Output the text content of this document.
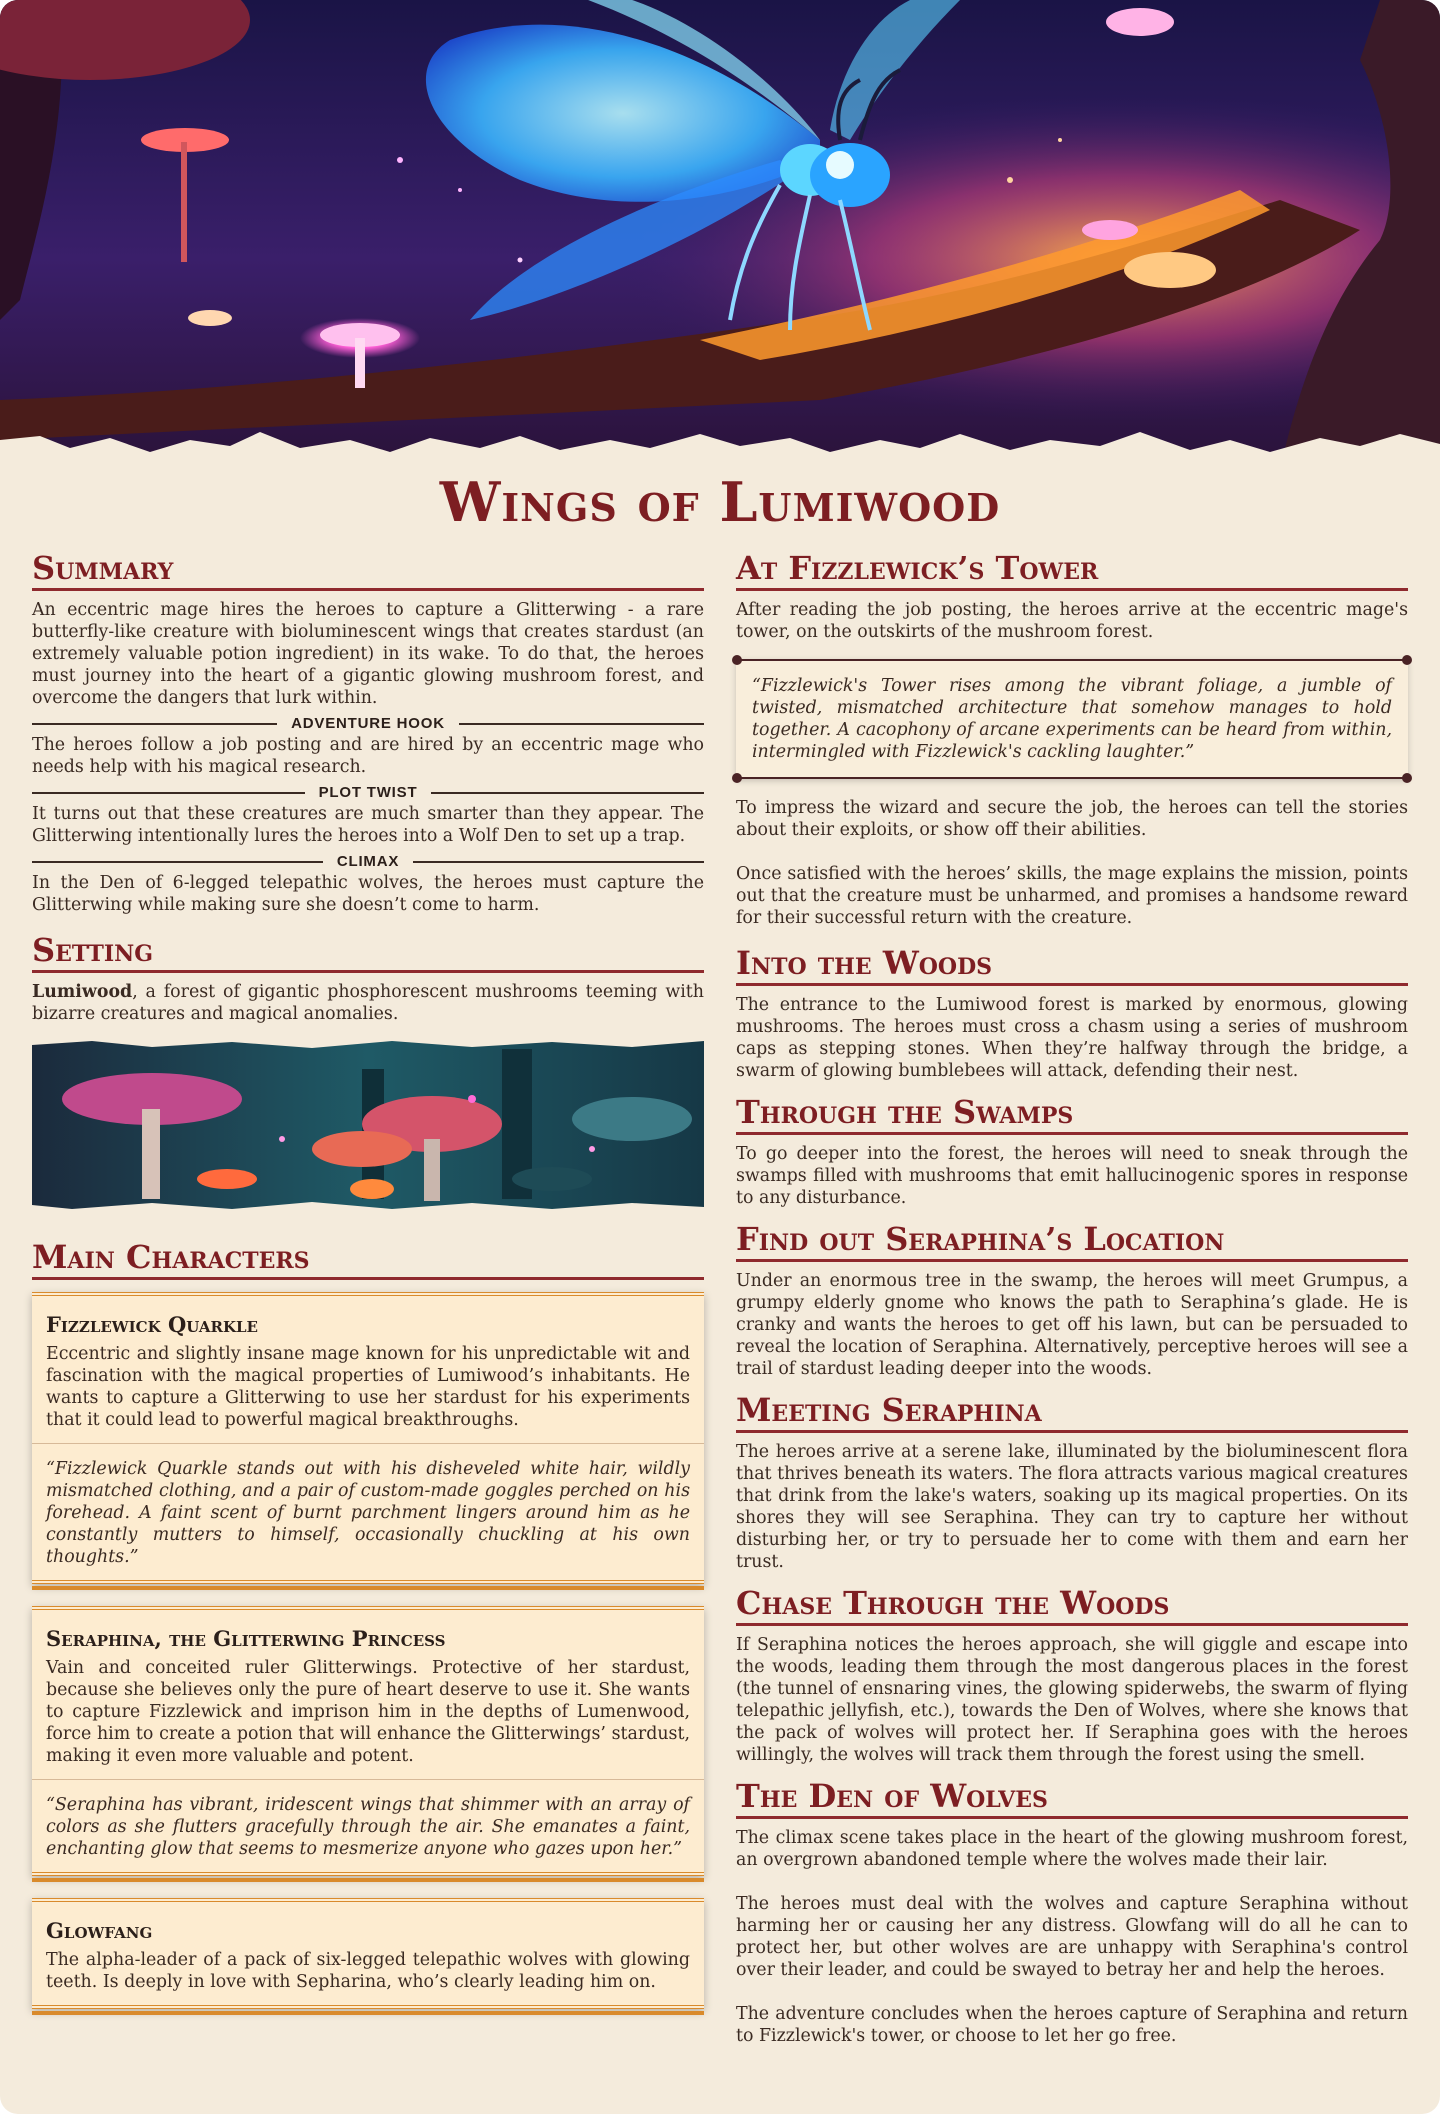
Wings of Lumiwood
Summary

An eccentric mage hires the heroes to capture a Glitterwing - a rare butterfly-like creature with bioluminescent wings that creates stardust (an extremely valuable potion ingredient) in its wake. To do that, the heroes must journey into the heart of a gigantic glowing mushroom forest, and overcome the dangers that lurk within.

ADVENTURE HOOK

The heroes follow a job posting and are hired by an eccentric mage who needs help with his magical research.

PLOT TWIST

It turns out that these creatures are much smarter than they appear. The Glitterwing intentionally lures the heroes into a Wolf Den to set up a trap.

CLIMAX

In the Den of 6-legged telepathic wolves, the heroes must capture the Glitterwing while making sure she doesn’t come to harm.

Setting

Lumiwood, a forest of gigantic phosphorescent mushrooms teeming with bizarre creatures and magical anomalies.

Main Characters
Fizzlewick Quarkle

Eccentric and slightly insane mage known for his unpredictable wit and fascination with the magical properties of Lumiwood’s inhabitants. He wants to capture a Glitterwing to use her stardust for his experiments that it could lead to powerful magical breakthroughs.

“Fizzlewick Quarkle stands out with his disheveled white hair, wildly mismatched clothing, and a pair of custom-made goggles perched on his forehead. A faint scent of burnt parchment lingers around him as he constantly mutters to himself, occasionally chuckling at his own thoughts.”

Seraphina, the Glitterwing Princess

Vain and conceited ruler Glitterwings. Protective of her stardust, because she believes only the pure of heart deserve to use it. She wants to capture Fizzlewick and imprison him in the depths of Lumenwood, force him to create a potion that will enhance the Glitterwings’ stardust, making it even more valuable and potent.

“Seraphina has vibrant, iridescent wings that shimmer with an array of colors as she flutters gracefully through the air. She emanates a faint, enchanting glow that seems to mesmerize anyone who gazes upon her.”

Glowfang

The alpha-leader of a pack of six-legged telepathic wolves with glowing teeth. Is deeply in love with Sepharina, who’s clearly leading him on.

At Fizzlewick’s Tower

After reading the job posting, the heroes arrive at the eccentric mage's tower, on the outskirts of the mushroom forest.

“Fizzlewick's Tower rises among the vibrant foliage, a jumble of twisted, mismatched architecture that somehow manages to hold together. A cacophony of arcane experiments can be heard from within, intermingled with Fizzlewick's cackling laughter.”

To impress the wizard and secure the job, the heroes can tell the stories about their exploits, or show off their abilities.

Once satisfied with the heroes’ skills, the mage explains the mission, points out that the creature must be unharmed, and promises a handsome reward for their successful return with the creature.

Into the Woods

The entrance to the Lumiwood forest is marked by enormous, glowing mushrooms. The heroes must cross a chasm using a series of mushroom caps as stepping stones. When they’re halfway through the bridge, a swarm of glowing bumblebees will attack, defending their nest.

Through the Swamps

To go deeper into the forest, the heroes will need to sneak through the swamps filled with mushrooms that emit hallucinogenic spores in response to any disturbance.

Find out Seraphina’s Location

Under an enormous tree in the swamp, the heroes will meet Grumpus, a grumpy elderly gnome who knows the path to Seraphina’s glade. He is cranky and wants the heroes to get off his lawn, but can be persuaded to reveal the location of Seraphina. Alternatively, perceptive heroes will see a trail of stardust leading deeper into the woods.

Meeting Seraphina

The heroes arrive at a serene lake, illuminated by the bioluminescent flora that thrives beneath its waters. The flora attracts various magical creatures that drink from the lake's waters, soaking up its magical properties. On its shores they will see Seraphina. They can try to capture her without disturbing her, or try to persuade her to come with them and earn her trust.

Chase Through the Woods

If Seraphina notices the heroes approach, she will giggle and escape into the woods, leading them through the most dangerous places in the forest (the tunnel of ensnaring vines, the glowing spiderwebs, the swarm of flying telepathic jellyfish, etc.), towards the Den of Wolves, where she knows that the pack of wolves will protect her. If Seraphina goes with the heroes willingly, the wolves will track them through the forest using the smell.

The Den of Wolves

The climax scene takes place in the heart of the glowing mushroom forest, an overgrown abandoned temple where the wolves made their lair.

The heroes must deal with the wolves and capture Seraphina without harming her or causing her any distress. Glowfang will do all he can to protect her, but other wolves are are unhappy with Seraphina's control over their leader, and could be swayed to betray her and help the heroes.

The adventure concludes when the heroes capture of Seraphina and return to Fizzlewick's tower, or choose to let her go free.
